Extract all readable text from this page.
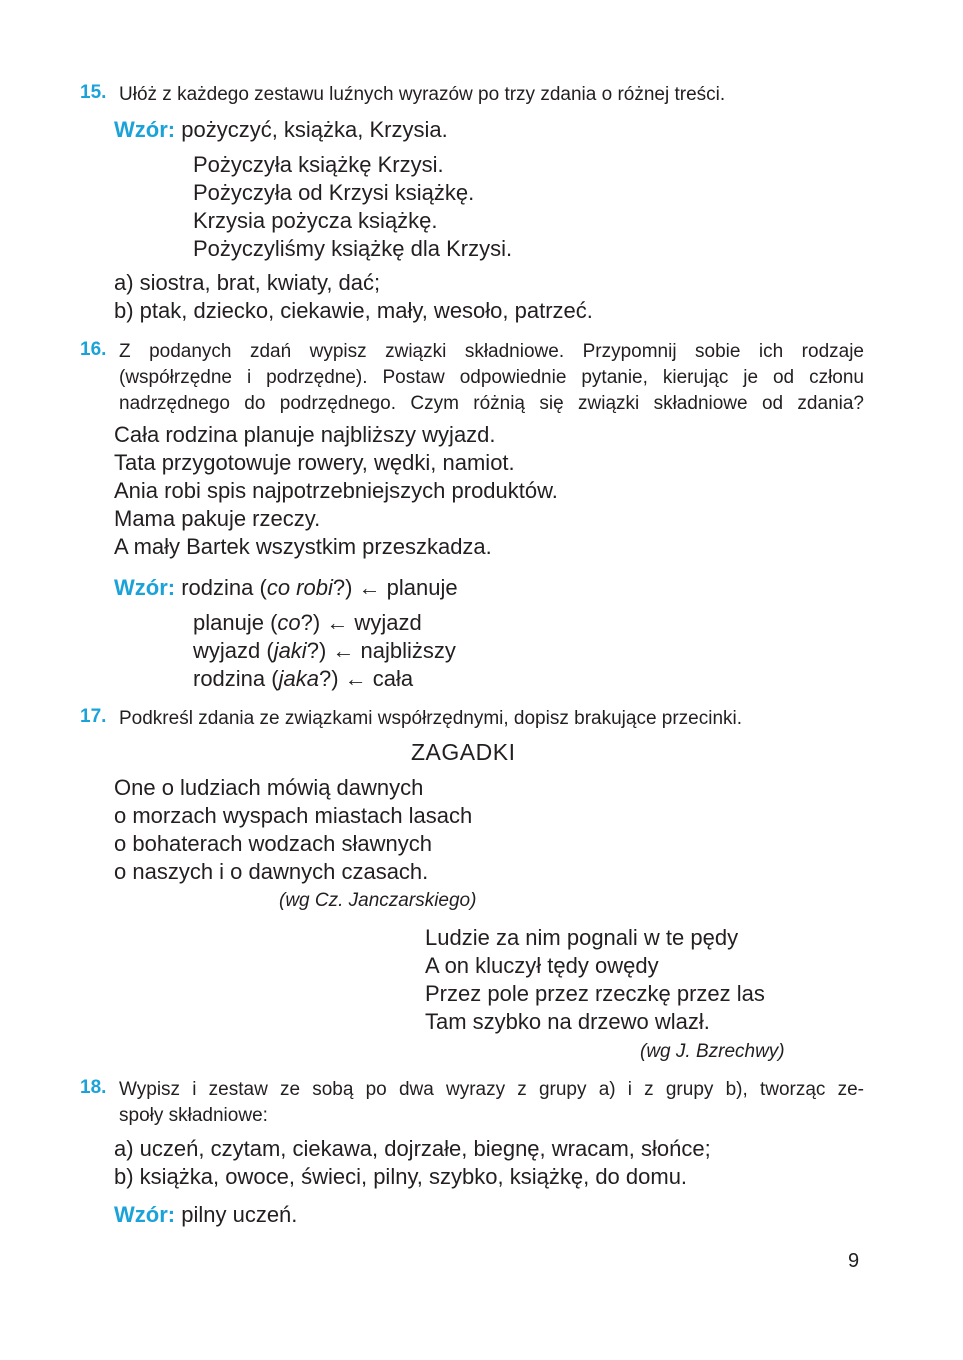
15. Ułóż z każdego zestawu luźnych wyrazów po trzy zdania o różnej treści.
Wzór: pożyczyć, książka, Krzysia.
Pożyczyła książkę Krzysi.
Pożyczyła od Krzysi książkę.
Krzysia pożycza książkę.
Pożyczyliśmy książkę dla Krzysi.
a) siostra, brat, kwiaty, dać;
b) ptak, dziecko, ciekawie, mały, wesoło, patrzeć.
16. Z podanych zdań wypisz związki składniowe. Przypomnij sobie ich rodzaje
(współrzędne i podrzędne). Postaw odpowiednie pytanie, kierując je od członu
nadrzędnego do podrzędnego. Czym różnią się związki składniowe od zdania?
Cała rodzina planuje najbliższy wyjazd.
Tata przygotowuje rowery, wędki, namiot.
Ania robi spis najpotrzebniejszych produktów.
Mama pakuje rzeczy.
A mały Bartek wszystkim przeszkadza.
Wzór: rodzina (co robi?) ← planuje
planuje (co?) ← wyjazd
wyjazd (jaki?) ← najbliższy
rodzina (jaka?) ← cała
17. Podkreśl zdania ze związkami współrzędnymi, dopisz brakujące przecinki.
ZAGADKI
One o ludziach mówią dawnych
o morzach wyspach miastach lasach
o bohaterach wodzach sławnych
o naszych i o dawnych czasach.
(wg Cz. Janczarskiego)
Ludzie za nim pognali w te pędy
A on kluczył tędy owędy
Przez pole przez rzeczkę przez las
Tam szybko na drzewo wlazł.
(wg J. Bzrechwy)
18. Wypisz i zestaw ze sobą po dwa wyrazy z grupy a) i z grupy b), tworząc ze-
społy składniowe:
a) uczeń, czytam, ciekawa, dojrzałe, biegnę, wracam, słońce;
b) książka, owoce, świeci, pilny, szybko, książkę, do domu.
Wzór: pilny uczeń.
9
